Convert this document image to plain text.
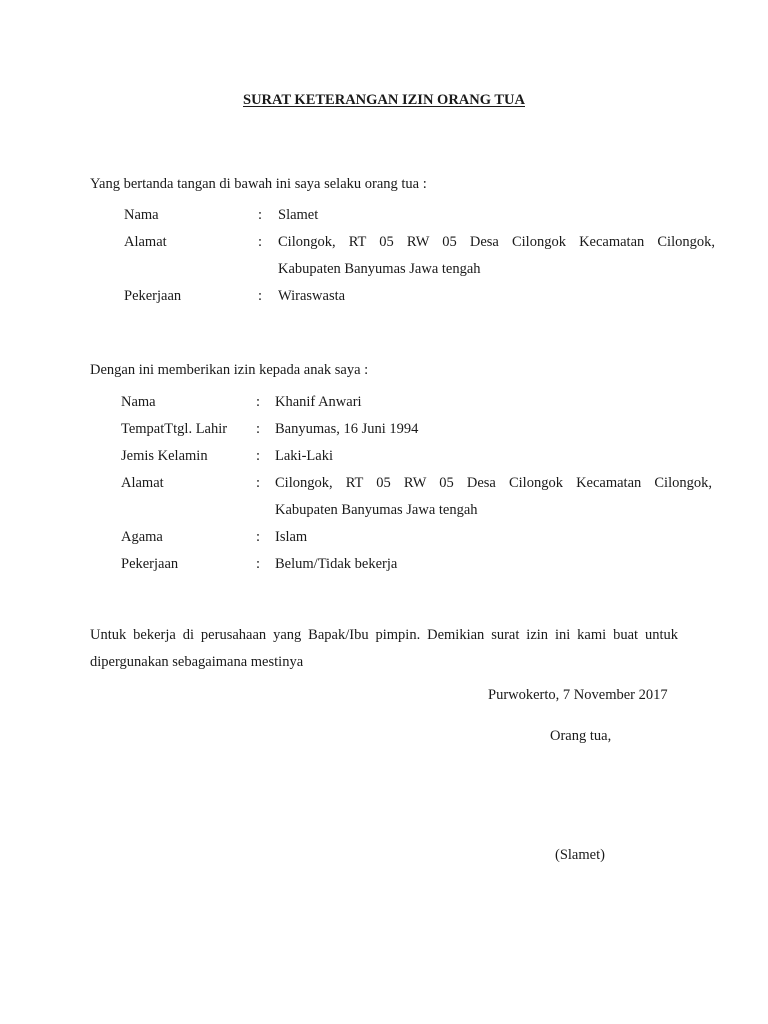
SURAT KETERANGAN IZIN ORANG TUA
Yang bertanda tangan di bawah ini saya selaku orang tua :
Nama	: Slamet
Alamat	: Cilongok, RT 05 RW 05 Desa Cilongok Kecamatan Cilongok,
Kabupaten Banyumas Jawa tengah
Pekerjaan	: Wiraswasta
Dengan ini memberikan izin kepada anak saya :
Nama	: Khanif Anwari
TempatTtgl. Lahir : Banyumas, 16 Juni 1994
Jemis Kelamin	: Laki-Laki
Alamat	: Cilongok, RT 05 RW 05 Desa Cilongok Kecamatan Cilongok,
Kabupaten Banyumas Jawa tengah
Agama	: Islam
Pekerjaan	: Belum/Tidak bekerja
Untuk bekerja di perusahaan yang Bapak/Ibu pimpin. Demikian surat izin ini kami buat untuk
dipergunakan sebagaimana mestinya
Purwokerto, 7 November 2017
Orang tua,
(Slamet)
